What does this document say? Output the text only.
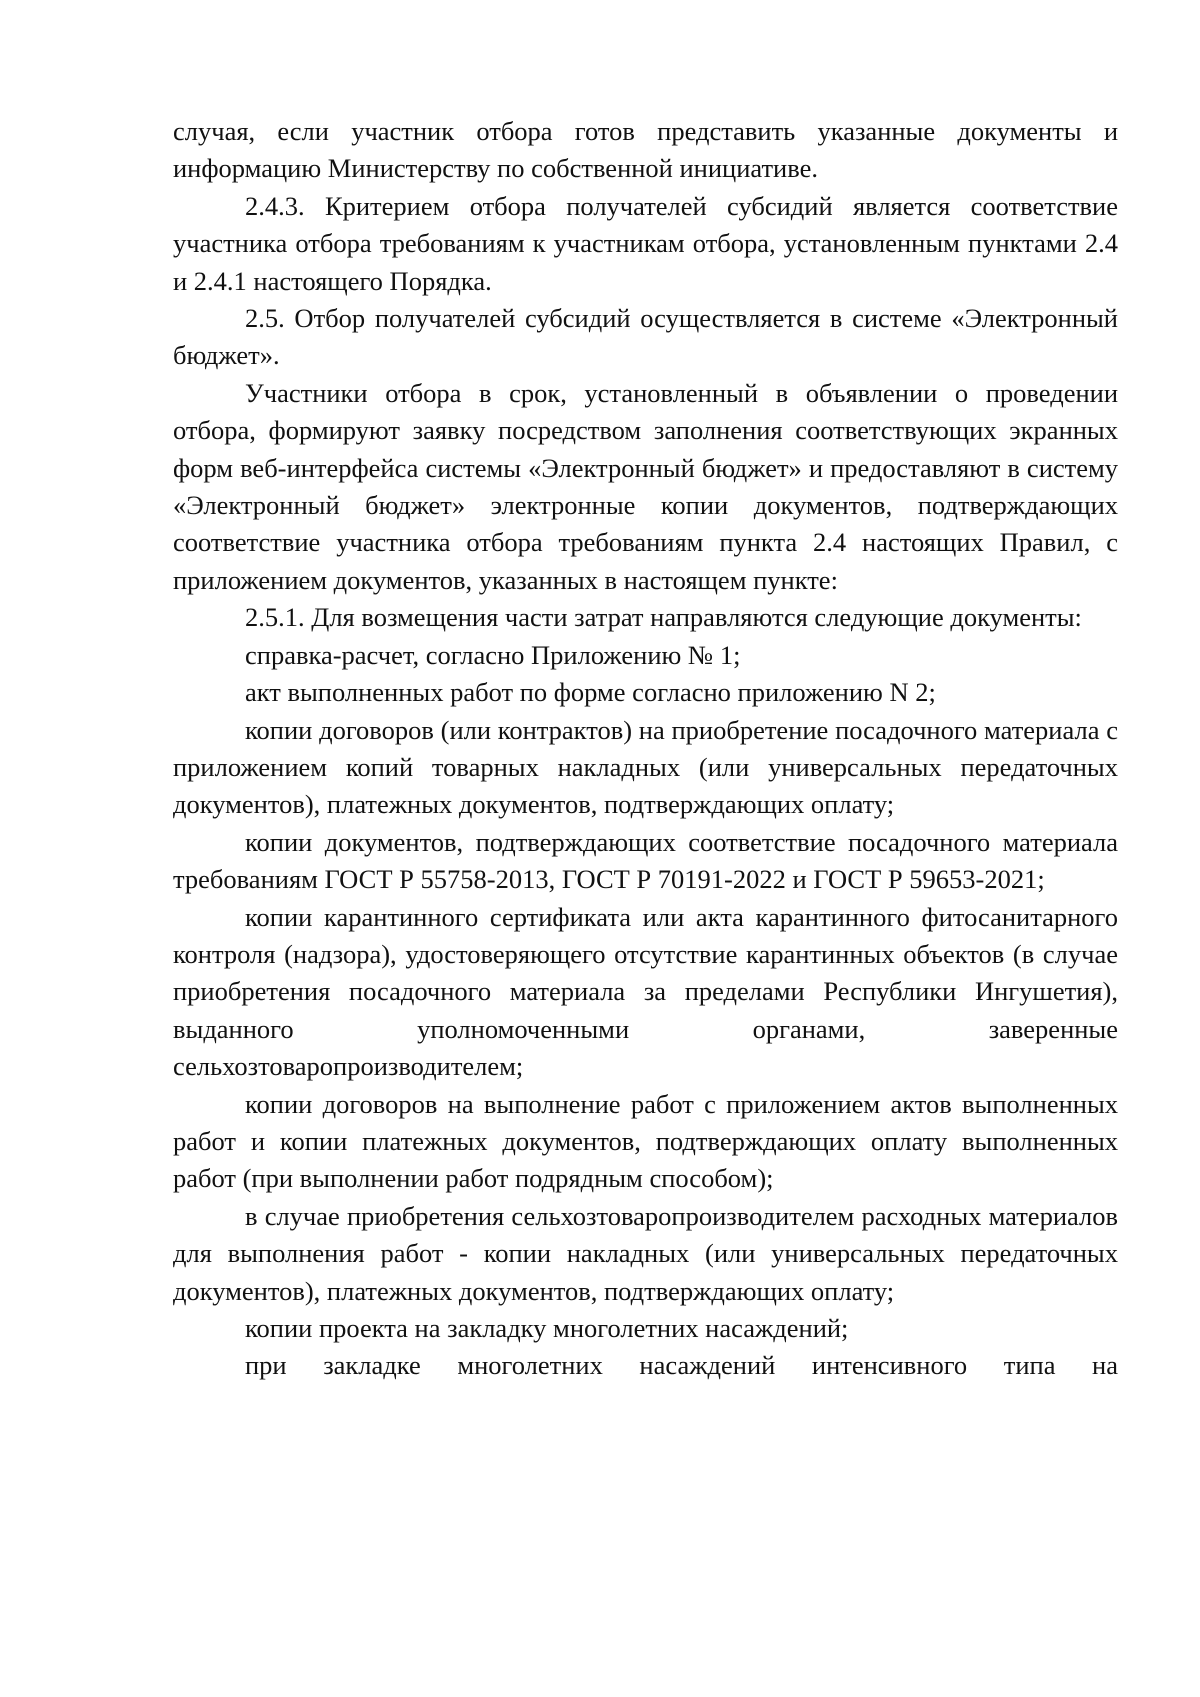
случая, если участник отбора готов представить указанные документы и информацию Министерству по собственной инициативе.

2.4.3. Критерием отбора получателей субсидий является соответствие участника отбора требованиям к участникам отбора, установленным пунктами 2.4 и 2.4.1 настоящего Порядка.

2.5. Отбор получателей субсидий осуществляется в системе «Электронный бюджет».

Участники отбора в срок, установленный в объявлении о проведении отбора, формируют заявку посредством заполнения соответствующих экранных форм веб-интерфейса системы «Электронный бюджет» и предоставляют в систему «Электронный бюджет» электронные копии документов, подтверждающих соответствие участника отбора требованиям пункта 2.4 настоящих Правил, с приложением документов, указанных в настоящем пункте:

2.5.1. Для возмещения части затрат направляются следующие документы:

справка-расчет, согласно Приложению № 1;

акт выполненных работ по форме согласно приложению N 2;

копии договоров (или контрактов) на приобретение посадочного материала с приложением копий товарных накладных (или универсальных передаточных документов), платежных документов, подтверждающих оплату;

копии документов, подтверждающих соответствие посадочного материала требованиям ГОСТ Р 55758-2013, ГОСТ Р 70191-2022 и ГОСТ Р 59653-2021;

копии карантинного сертификата или акта карантинного фитосанитарного контроля (надзора), удостоверяющего отсутствие карантинных объектов (в случае приобретения посадочного материала за пределами Республики Ингушетия), выданного уполномоченными органами, заверенные сельхозтоваропроизводителем;

копии договоров на выполнение работ с приложением актов выполненных работ и копии платежных документов, подтверждающих оплату выполненных работ (при выполнении работ подрядным способом);

в случае приобретения сельхозтоваропроизводителем расходных материалов для выполнения работ - копии накладных (или универсальных передаточных документов), платежных документов, подтверждающих оплату;

копии проекта на закладку многолетних насаждений;

при закладке многолетних насаждений интенсивного типа на
